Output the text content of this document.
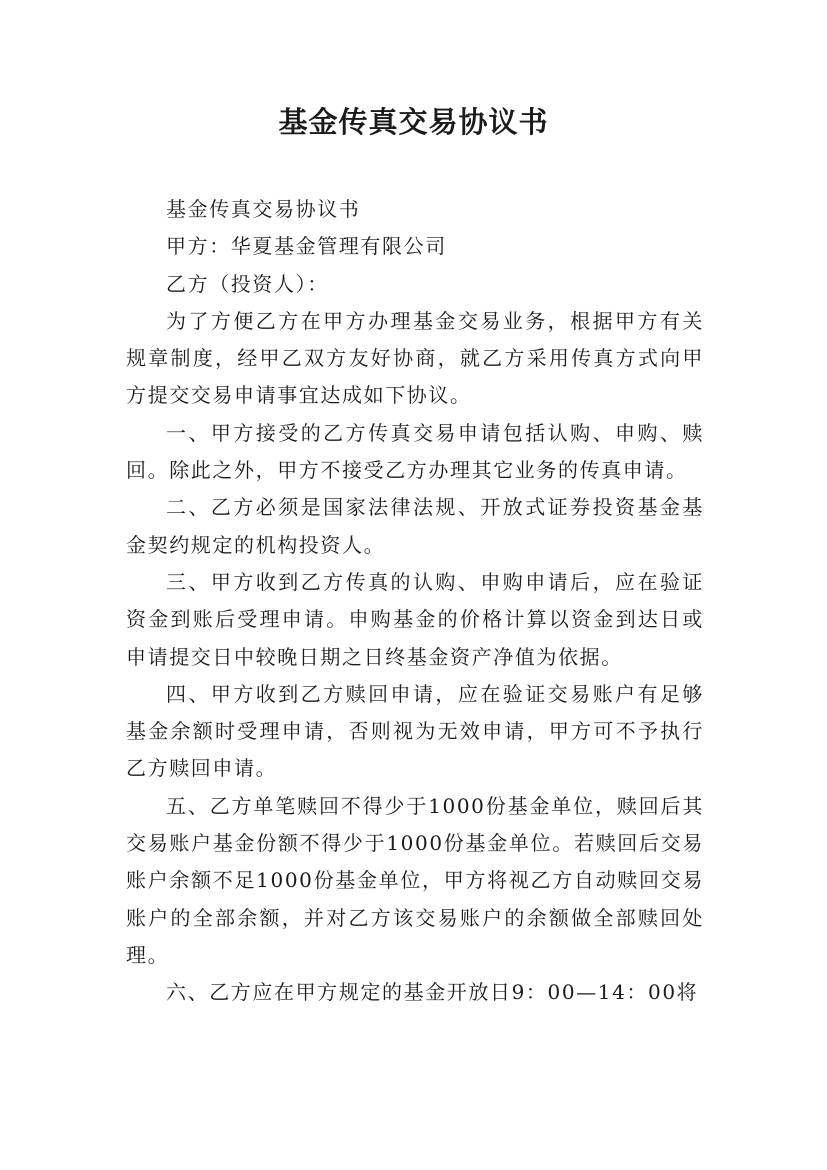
基金传真交易协议书

基金传真交易协议书

甲方：华夏基金管理有限公司

乙方（投资人）：

为了方便乙方在甲方办理基金交易业务，根据甲方有关规章制度，经甲乙双方友好协商，就乙方采用传真方式向甲方提交交易申请事宜达成如下协议。

一、甲方接受的乙方传真交易申请包括认购、申购、赎回。除此之外，甲方不接受乙方办理其它业务的传真申请。

二、乙方必须是国家法律法规、开放式证券投资基金基金契约规定的机构投资人。

三、甲方收到乙方传真的认购、申购申请后，应在验证资金到账后受理申请。申购基金的价格计算以资金到达日或申请提交日中较晚日期之日终基金资产净值为依据。

四、甲方收到乙方赎回申请，应在验证交易账户有足够基金余额时受理申请，否则视为无效申请，甲方可不予执行乙方赎回申请。

五、乙方单笔赎回不得少于1000份基金单位，赎回后其交易账户基金份额不得少于1000份基金单位。若赎回后交易账户余额不足1000份基金单位，甲方将视乙方自动赎回交易账户的全部余额，并对乙方该交易账户的余额做全部赎回处理。

六、乙方应在甲方规定的基金开放日9：00—14：00将
